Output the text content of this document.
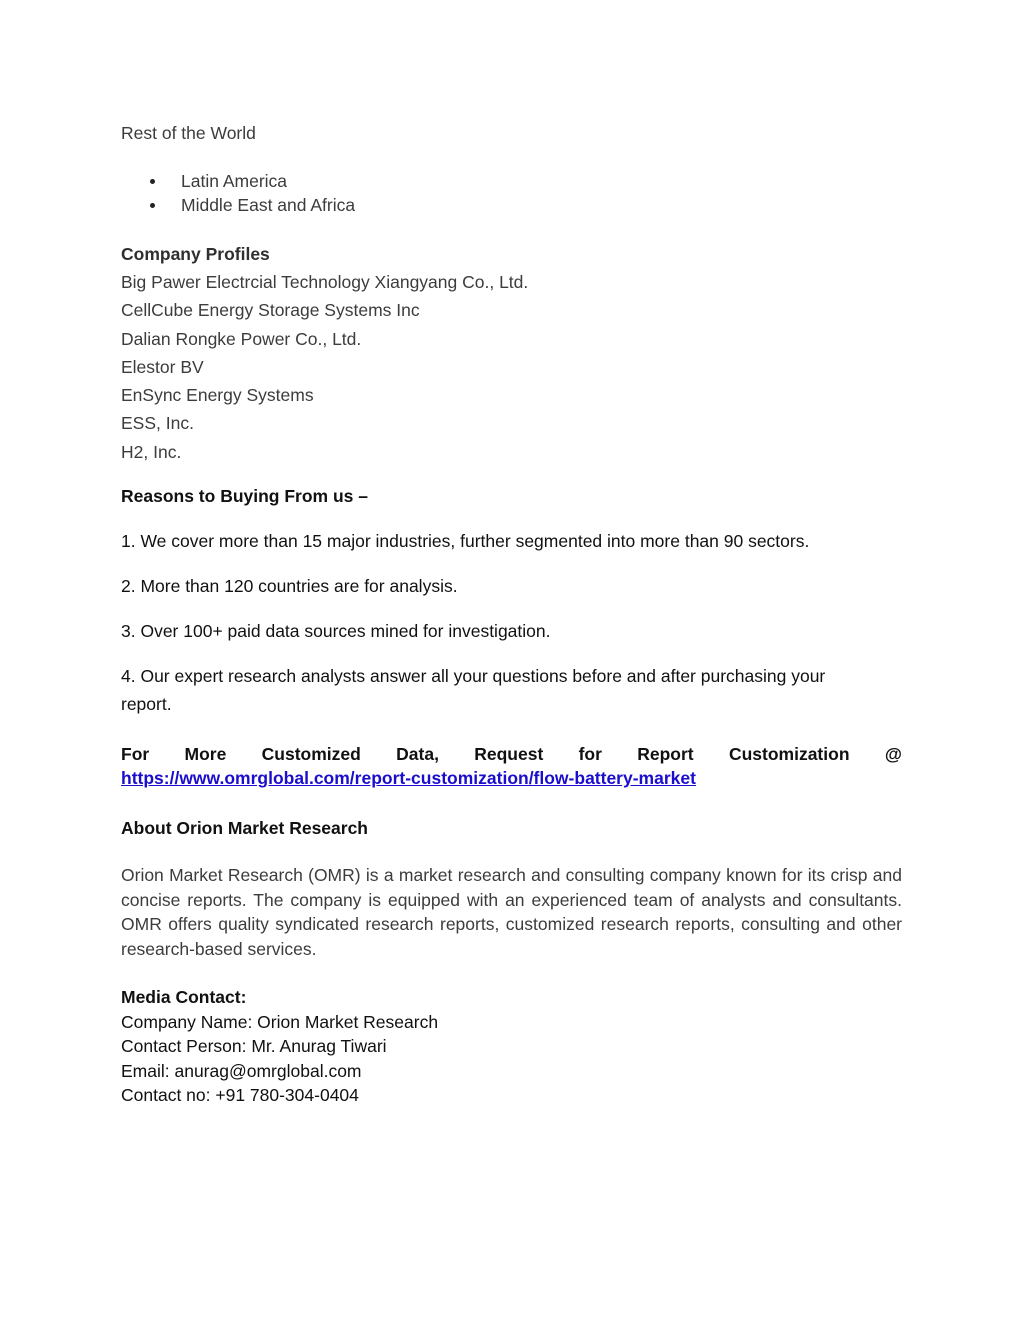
Rest of the World
Latin America
Middle East and Africa
Company Profiles
Big Pawer Electrcial Technology Xiangyang Co., Ltd.
CellCube Energy Storage Systems Inc
Dalian Rongke Power Co., Ltd.
Elestor BV
EnSync Energy Systems
ESS, Inc.
H2, Inc.
Reasons to Buying From us –
1. We cover more than 15 major industries, further segmented into more than 90 sectors.
2. More than 120 countries are for analysis.
3. Over 100+ paid data sources mined for investigation.
4. Our expert research analysts answer all your questions before and after purchasing your
report.
For More Customized Data, Request for Report Customization @
https://www.omrglobal.com/report-customization/flow-battery-market
About Orion Market Research
Orion Market Research (OMR) is a market research and consulting company known for its crisp and concise reports. The company is equipped with an experienced team of analysts and consultants. OMR offers quality syndicated research reports, customized research reports, consulting and other research-based services.
Media Contact:
Company Name: Orion Market Research
Contact Person: Mr. Anurag Tiwari
Email: anurag@omrglobal.com
Contact no: +91 780-304-0404
